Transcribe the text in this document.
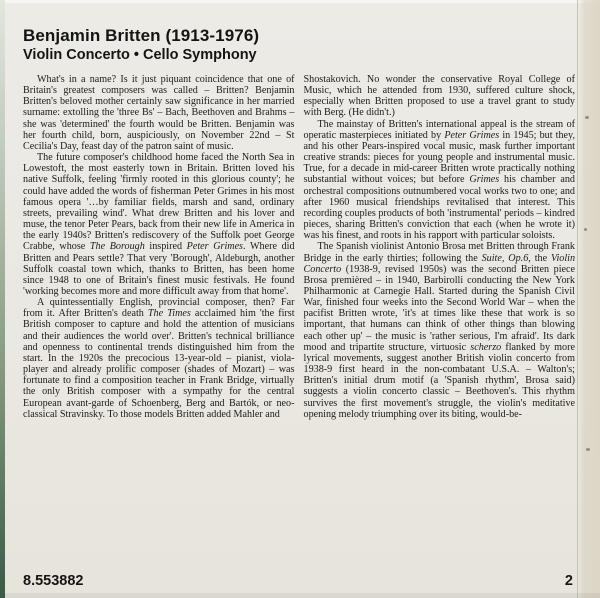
Benjamin Britten (1913-1976)
Violin Concerto • Cello Symphony

What's in a name? Is it just piquant coincidence that one of Britain's greatest composers was called – Britten? Benjamin Britten's beloved mother certainly saw significance in her married surname: extolling the 'three Bs' – Bach, Beethoven and Brahms – she was 'determined' the fourth would be Britten. Benjamin was her fourth child, born, auspiciously, on November 22nd – St Cecilia's Day, feast day of the patron saint of music.

The future composer's childhood home faced the North Sea in Lowestoft, the most easterly town in Britain. Britten loved his native Suffolk, feeling 'firmly rooted in this glorious county'; he could have added the words of fisherman Peter Grimes in his most famous opera '…by familiar fields, marsh and sand, ordinary streets, prevailing wind'. What drew Britten and his lover and muse, the tenor Peter Pears, back from their new life in America in the early 1940s? Britten's rediscovery of the Suffolk poet George Crabbe, whose The Borough inspired Peter Grimes. Where did Britten and Pears settle? That very 'Borough', Aldeburgh, another Suffolk coastal town which, thanks to Britten, has been home since 1948 to one of Britain's finest music festivals. He found 'working becomes more and more difficult away from that home'.

A quintessentially English, provincial composer, then? Far from it. After Britten's death The Times acclaimed him 'the first British composer to capture and hold the attention of musicians and their audiences the world over'. Britten's technical brilliance and openness to continental trends distinguished him from the start. In the 1920s the precocious 13-year-old – pianist, viola-player and already prolific composer (shades of Mozart) – was fortunate to find a composition teacher in Frank Bridge, virtually the only British composer with a sympathy for the central European avant-garde of Schoenberg, Berg and Bartók, or neo-classical Stravinsky. To those models Britten added Mahler and

Shostakovich. No wonder the conservative Royal College of Music, which he attended from 1930, suffered culture shock, especially when Britten proposed to use a travel grant to study with Berg. (He didn't.)

The mainstay of Britten's international appeal is the stream of operatic masterpieces initiated by Peter Grimes in 1945; but they, and his other Pears-inspired vocal music, mask further important creative strands: pieces for young people and instrumental music. True, for a decade in mid-career Britten wrote practically nothing substantial without voices; but before Grimes his chamber and orchestral compositions outnumbered vocal works two to one; and after 1960 musical friendships revitalised that interest. This recording couples products of both 'instrumental' periods – kindred pieces, sharing Britten's conviction that each (when he wrote it) was his finest, and roots in his rapport with particular soloists.

The Spanish violinist Antonio Brosa met Britten through Frank Bridge in the early thirties; following the Suite, Op.6, the Violin Concerto (1938-9, revised 1950s) was the second Britten piece Brosa premièred – in 1940, Barbirolli conducting the New York Philharmonic at Carnegie Hall. Started during the Spanish Civil War, finished four weeks into the Second World War – when the pacifist Britten wrote, 'it's at times like these that work is so important, that humans can think of other things than blowing each other up' – the music is 'rather serious, I'm afraid'. Its dark mood and tripartite structure, virtuosic scherzo flanked by more lyrical movements, suggest another British violin concerto from 1938-9 first heard in the non-combatant U.S.A. – Walton's; Britten's initial drum motif (a 'Spanish rhythm', Brosa said) suggests a violin concerto classic – Beethoven's. This rhythm survives the first movement's struggle, the violin's meditative opening melody triumphing over its biting, would-be-

8.553882	2
